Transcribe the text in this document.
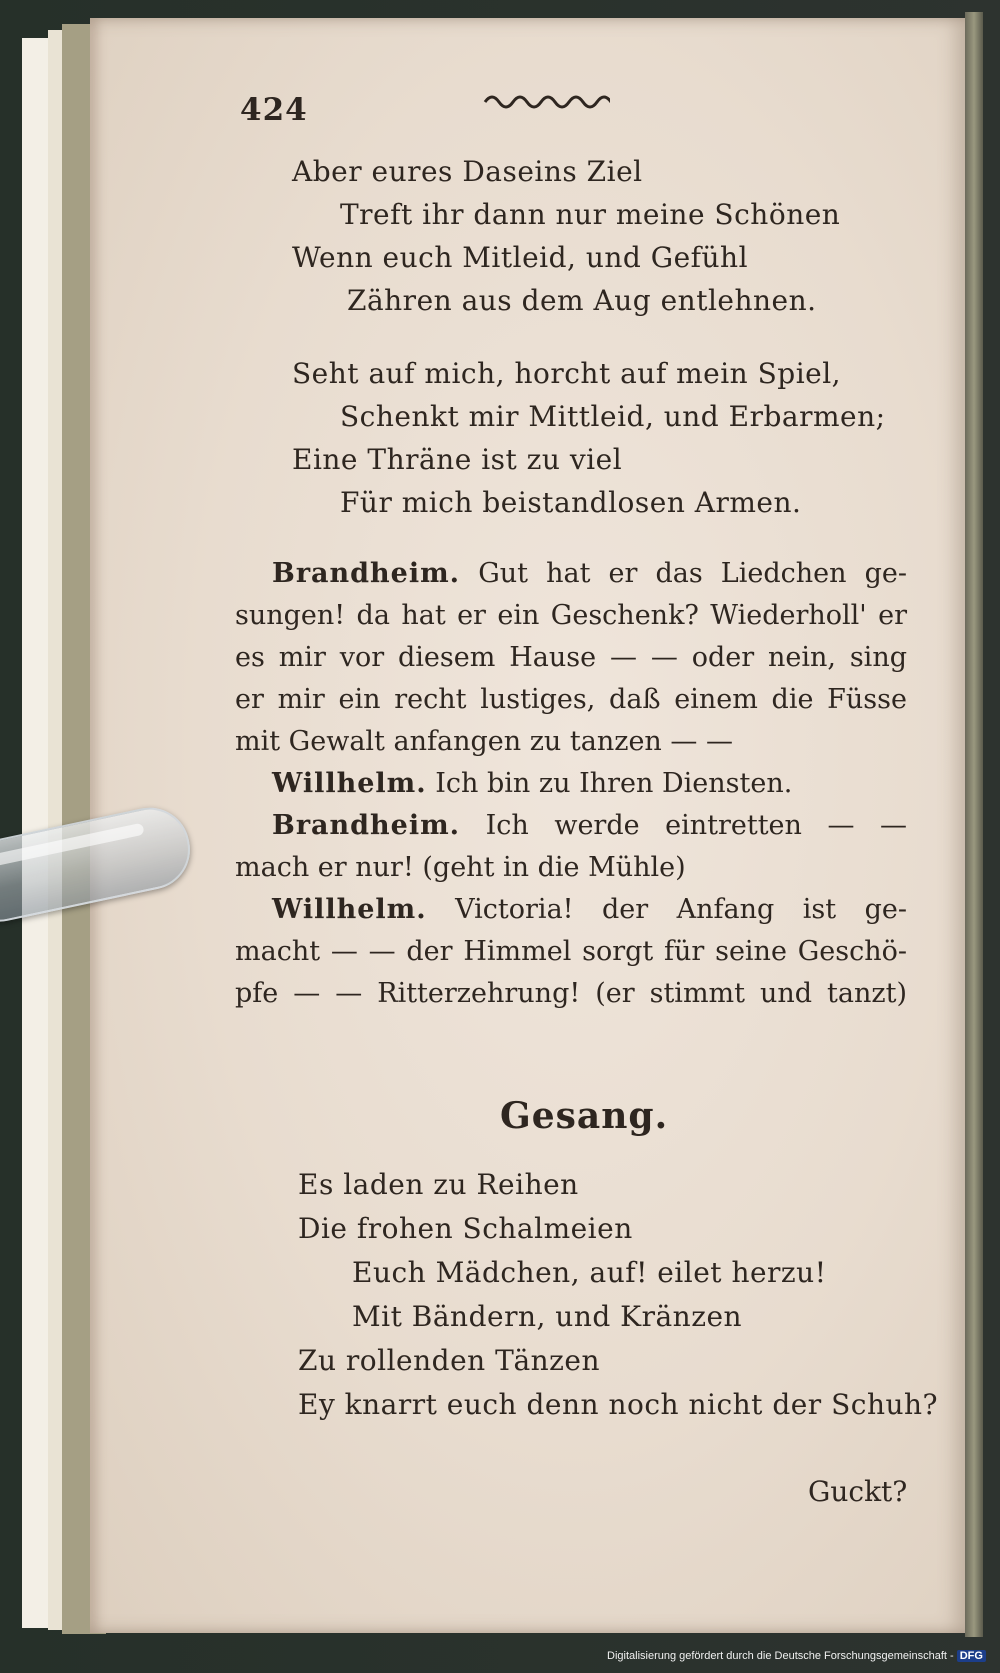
424
Aber eures Daseins Ziel
Treft ihr dann nur meine Schönen
Wenn euch Mitleid, und Gefühl
Zähren aus dem Aug entlehnen.
Seht auf mich, horcht auf mein Spiel,
Schenkt mir Mittleid, und Erbarmen;
Eine Thräne ist zu viel
Für mich beistandlosen Armen.
Brandheim. Gut hat er das Liedchen ge-
sungen! da hat er ein Geschenk? Wiederholl' er
es mir vor diesem Hause — — oder nein, sing
er mir ein recht lustiges, daß einem die Füsse
mit Gewalt anfangen zu tanzen — —
Willhelm. Ich bin zu Ihren Diensten.
Brandheim. Ich werde eintretten — —
mach er nur! (geht in die Mühle)
Willhelm. Victoria! der Anfang ist ge-
macht — — der Himmel sorgt für seine Geschö-
pfe — — Ritterzehrung! (er stimmt und tanzt)
Gesang.
Es laden zu Reihen
Die frohen Schalmeien
Euch Mädchen, auf! eilet herzu!
Mit Bändern, und Kränzen
Zu rollenden Tänzen
Ey knarrt euch denn noch nicht der Schuh?
Guckt?
Digitalisierung gefördert durch die Deutsche Forschungsgemeinschaft - DFG
